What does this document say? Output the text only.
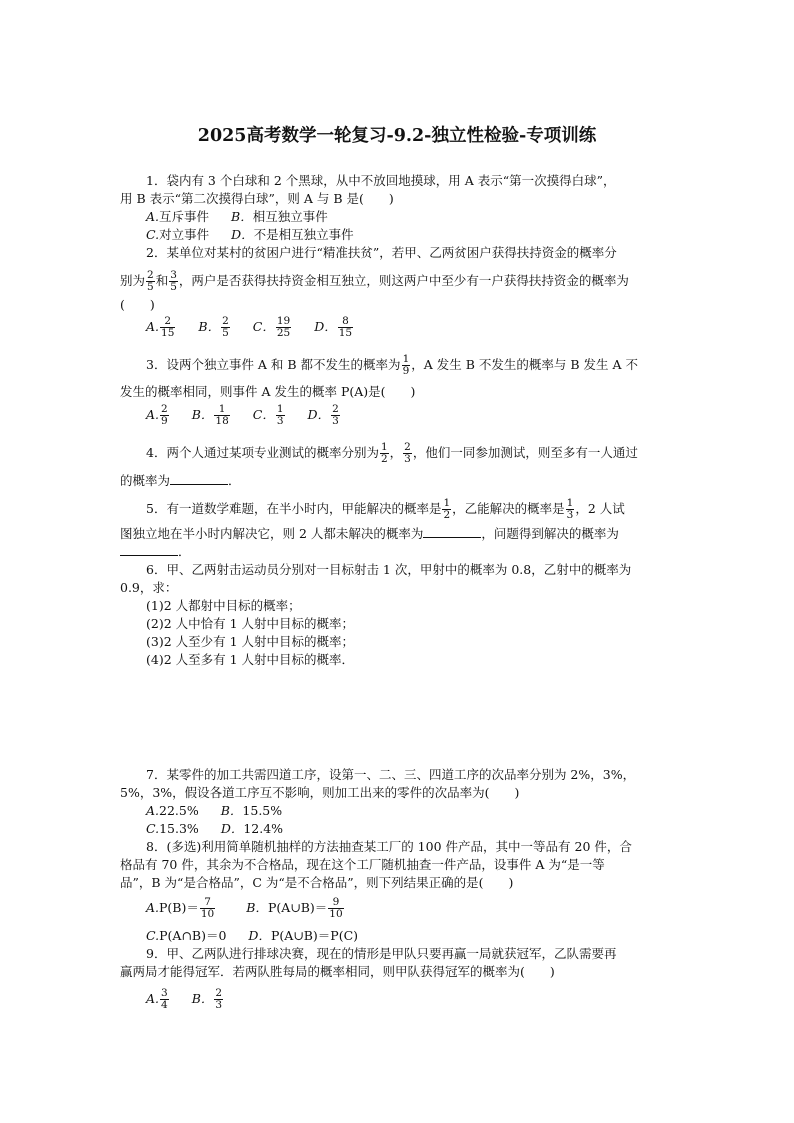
2025高考数学一轮复习-9.2-独立性检验-专项训练
1．袋内有 3 个白球和 2 个黑球，从中不放回地摸球，用 A 表示“第一次摸得白球”，
用 B 表示“第二次摸得白球”，则 A 与 B 是(　　)
A.互斥事件 B．相互独立事件
C.对立事件 D．不是相互独立事件
2．某单位对某村的贫困户进行“精准扶贫”，若甲、乙两贫困户获得扶持资金的概率分
别为 $\frac{2}{5}$ 和 $\frac{3}{5}$ ，两户是否获得扶持资金相互独立，则这两户中至少有一户获得扶持资金的概率为
(　　)
A. $\frac{2}{15}$ B． $\frac{2}{5}$ C． $\frac{19}{25}$ D． $\frac{8}{15}$
3．设两个独立事件 A 和 B 都不发生的概率为 $\frac{1}{9}$ ，A 发生 B 不发生的概率与 B 发生 A 不
发生的概率相同，则事件 A 发生的概率 P(A)是(　　)
A. $\frac{2}{9}$ B． $\frac{1}{18}$ C． $\frac{1}{3}$ D． $\frac{2}{3}$
4．两个人通过某项专业测试的概率分别为 $\frac{1}{2}$ ， $\frac{2}{3}$ ，他们一同参加测试，则至多有一人通过
的概率为	．
5．有一道数学难题，在半小时内，甲能解决的概率是 $\frac{1}{2}$ ，乙能解决的概率是 $\frac{1}{3}$ ，2 人试
图独立地在半小时内解决它，则 2 人都未解决的概率为	，问题得到解决的概率为
．
6．甲、乙两射击运动员分别对一目标射击 1 次，甲射中的概率为 0.8，乙射中的概率为
0.9，求：
(1)2 人都射中目标的概率；
(2)2 人中恰有 1 人射中目标的概率；
(3)2 人至少有 1 人射中目标的概率；
(4)2 人至多有 1 人射中目标的概率．
7．某零件的加工共需四道工序，设第一、二、三、四道工序的次品率分别为 2%，3%，
5%，3%，假设各道工序互不影响，则加工出来的零件的次品率为(　　)
A.22.5% B．15.5%
C.15.3% D．12.4%
8．(多选)利用简单随机抽样的方法抽查某工厂的 100 件产品，其中一等品有 20 件，合
格品有 70 件，其余为不合格品，现在这个工厂随机抽查一件产品，设事件 A 为“是一等
品”，B 为“是合格品”，C 为“是不合格品”，则下列结果正确的是(　　)
$A.P(B)= \frac{7}{10}$ B．P(A∪B)＝ $\frac{9}{10}$
C.P(A∩B)＝0 D．P(A∪B)＝P(C)
9．甲、乙两队进行排球决赛，现在的情形是甲队只要再赢一局就获冠军，乙队需要再
赢两局才能得冠军．若两队胜每局的概率相同，则甲队获得冠军的概率为(　　)
A. $\frac{3}{4}$ B． $\frac{2}{3}$
